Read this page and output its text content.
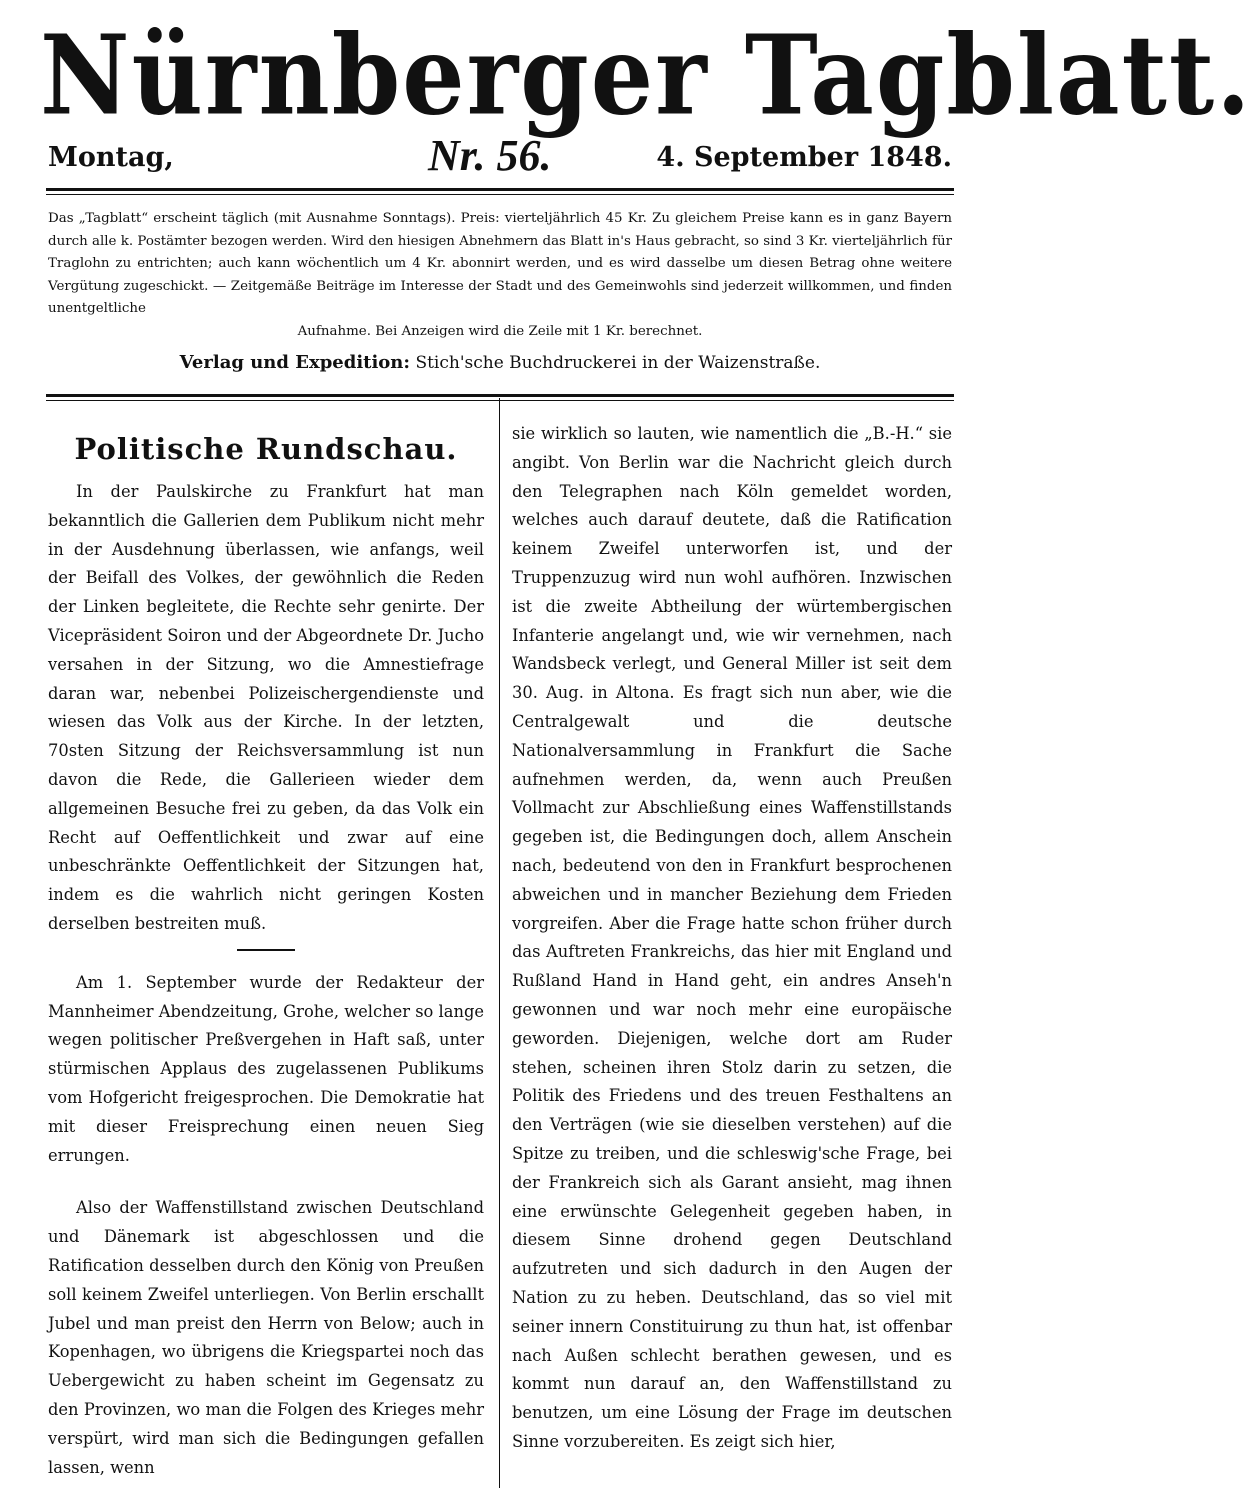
Nürnberger Tagblatt.
Montag,	Nr. 56.	4. September 1848.

Das „Tagblatt“ erscheint täglich (mit Ausnahme Sonntags). Preis: vierteljährlich 45 Kr. Zu gleichem Preise kann es in ganz Bayern durch alle k. Postämter bezogen werden. Wird den hiesigen Abnehmern das Blatt in's Haus gebracht, so sind 3 Kr. vierteljährlich für Traglohn zu entrichten; auch kann wöchentlich um 4 Kr. abonnirt werden, und es wird dasselbe um diesen Betrag ohne weitere Vergütung zugeschickt. — Zeitgemäße Beiträge im Interesse der Stadt und des Gemeinwohls sind jederzeit willkommen, und finden unentgeltliche

Aufnahme. Bei Anzeigen wird die Zeile mit 1 Kr. berechnet.

Verlag und Expedition: Stich'sche Buchdruckerei in der Waizenstraße.
Politische Rundschau.

In der Paulskirche zu Frankfurt hat man bekanntlich die Gallerien dem Publikum nicht mehr in der Ausdehnung überlassen, wie anfangs, weil der Beifall des Volkes, der gewöhnlich die Reden der Linken begleitete, die Rechte sehr genirte. Der Vicepräsident Soiron und der Abgeordnete Dr. Jucho versahen in der Sitzung, wo die Amnestiefrage daran war, nebenbei Polizeischergendienste und wiesen das Volk aus der Kirche. In der letzten, 70sten Sitzung der Reichsversammlung ist nun davon die Rede, die Gallerieen wieder dem allgemeinen Besuche frei zu geben, da das Volk ein Recht auf Oeffentlichkeit und zwar auf eine unbeschränkte Oeffentlichkeit der Sitzungen hat, indem es die wahrlich nicht geringen Kosten derselben bestreiten muß.

Am 1. September wurde der Redakteur der Mannheimer Abendzeitung, Grohe, welcher so lange wegen politischer Preßvergehen in Haft saß, unter stürmischen Applaus des zugelassenen Publikums vom Hofgericht freigesprochen. Die Demokratie hat mit dieser Freisprechung einen neuen Sieg errungen.

Also der Waffenstillstand zwischen Deutschland und Dänemark ist abgeschlossen und die Ratification desselben durch den König von Preußen soll keinem Zweifel unterliegen. Von Berlin erschallt Jubel und man preist den Herrn von Below; auch in Kopenhagen, wo übrigens die Kriegspartei noch das Uebergewicht zu haben scheint im Gegensatz zu den Provinzen, wo man die Folgen des Krieges mehr verspürt, wird man sich die Bedingungen gefallen lassen, wenn

sie wirklich so lauten, wie namentlich die „B.-H.“ sie angibt. Von Berlin war die Nachricht gleich durch den Telegraphen nach Köln gemeldet worden, welches auch darauf deutete, daß die Ratification keinem Zweifel unterworfen ist, und der Truppenzuzug wird nun wohl aufhören. Inzwischen ist die zweite Abtheilung der würtembergischen Infanterie angelangt und, wie wir vernehmen, nach Wandsbeck verlegt, und General Miller ist seit dem 30. Aug. in Altona. Es fragt sich nun aber, wie die Centralgewalt und die deutsche Nationalversammlung in Frankfurt die Sache aufnehmen werden, da, wenn auch Preußen Vollmacht zur Abschließung eines Waffenstillstands gegeben ist, die Bedingungen doch, allem Anschein nach, bedeutend von den in Frankfurt besprochenen abweichen und in mancher Beziehung dem Frieden vorgreifen. Aber die Frage hatte schon früher durch das Auftreten Frankreichs, das hier mit England und Rußland Hand in Hand geht, ein andres Anseh'n gewonnen und war noch mehr eine europäische geworden. Diejenigen, welche dort am Ruder stehen, scheinen ihren Stolz darin zu setzen, die Politik des Friedens und des treuen Festhaltens an den Verträgen (wie sie dieselben verstehen) auf die Spitze zu treiben, und die schleswig'sche Frage, bei der Frankreich sich als Garant ansieht, mag ihnen eine erwünschte Gelegenheit gegeben haben, in diesem Sinne drohend gegen Deutschland aufzutreten und sich dadurch in den Augen der Nation zu zu heben. Deutschland, das so viel mit seiner innern Constituirung zu thun hat, ist offenbar nach Außen schlecht berathen gewesen, und es kommt nun darauf an, den Waffenstillstand zu benutzen, um eine Lösung der Frage im deutschen Sinne vorzubereiten. Es zeigt sich hier,
